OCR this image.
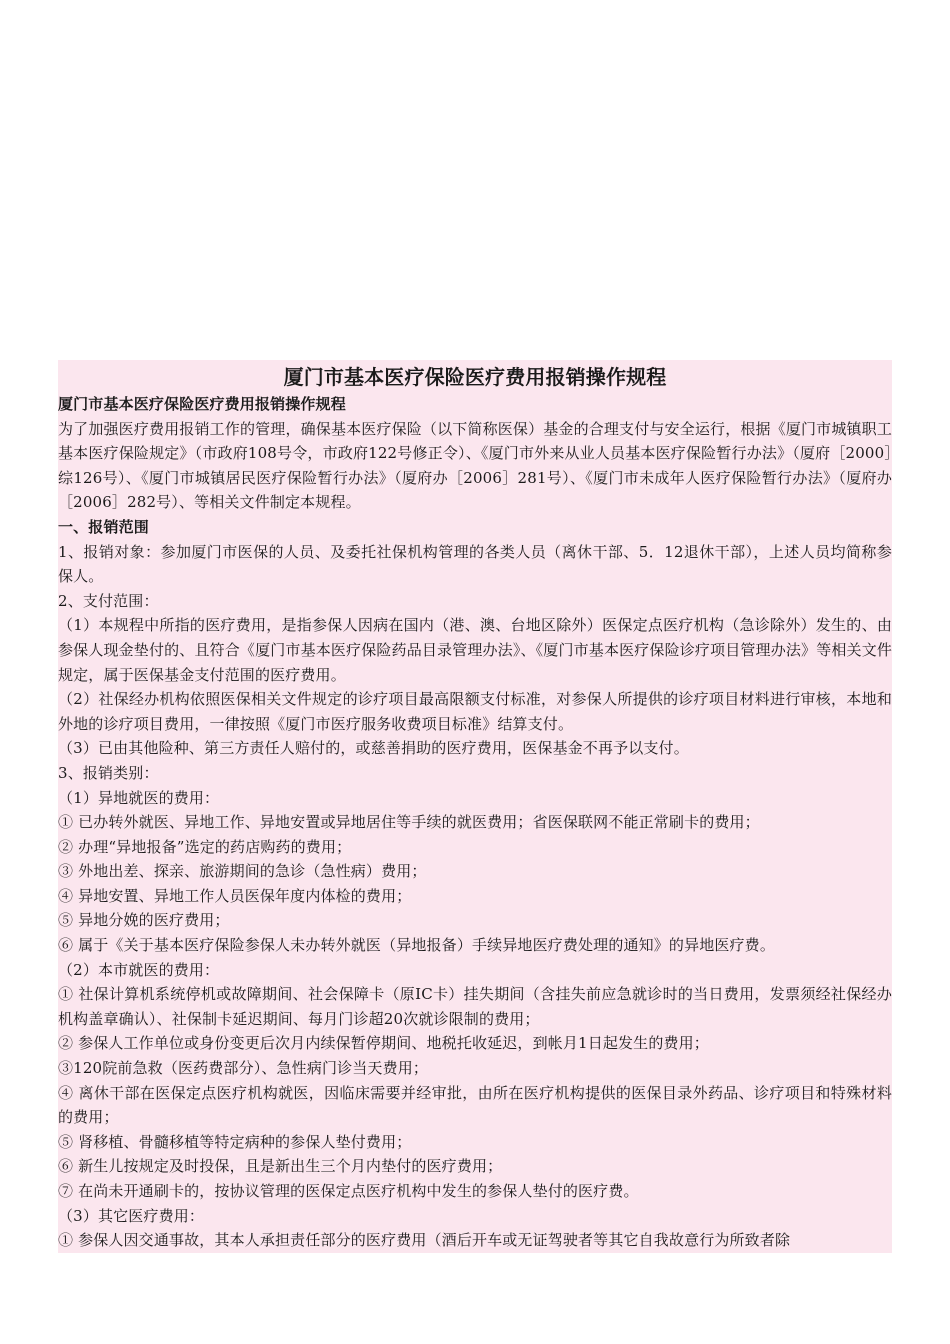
厦门市基本医疗保险医疗费用报销操作规程

厦门市基本医疗保险医疗费用报销操作规程

为了加强医疗费用报销工作的管理，确保基本医疗保险（以下简称医保）基金的合理支付与安全运行，根据《厦门市城镇职工基本医疗保险规定》（市政府108号令，市政府122号修正令）、《厦门市外来从业人员基本医疗保险暂行办法》（厦府［2000］综126号）、《厦门市城镇居民医疗保险暂行办法》（厦府办［2006］281号）、《厦门市未成年人医疗保险暂行办法》（厦府办［2006］282号）、等相关文件制定本规程。

一、报销范围

1、报销对象：参加厦门市医保的人员、及委托社保机构管理的各类人员（离休干部、5．12退休干部），上述人员均简称参保人。

2、支付范围：

（1）本规程中所指的医疗费用，是指参保人因病在国内（港、澳、台地区除外）医保定点医疗机构（急诊除外）发生的、由参保人现金垫付的、且符合《厦门市基本医疗保险药品目录管理办法》、《厦门市基本医疗保险诊疗项目管理办法》等相关文件规定，属于医保基金支付范围的医疗费用。

（2）社保经办机构依照医保相关文件规定的诊疗项目最高限额支付标准，对参保人所提供的诊疗项目材料进行审核，本地和外地的诊疗项目费用，一律按照《厦门市医疗服务收费项目标准》结算支付。

（3）已由其他险种、第三方责任人赔付的，或慈善捐助的医疗费用，医保基金不再予以支付。

3、报销类别：

（1）异地就医的费用：

① 已办转外就医、异地工作、异地安置或异地居住等手续的就医费用；省医保联网不能正常刷卡的费用；

② 办理“异地报备”选定的药店购药的费用；

③ 外地出差、探亲、旅游期间的急诊（急性病）费用；

④ 异地安置、异地工作人员医保年度内体检的费用；

⑤ 异地分娩的医疗费用；

⑥ 属于《关于基本医疗保险参保人未办转外就医（异地报备）手续异地医疗费处理的通知》的异地医疗费。

（2）本市就医的费用：

① 社保计算机系统停机或故障期间、社会保障卡（原IC卡）挂失期间（含挂失前应急就诊时的当日费用，发票须经社保经办机构盖章确认）、社保制卡延迟期间、每月门诊超20次就诊限制的费用；

② 参保人工作单位或身份变更后次月内续保暂停期间、地税托收延迟，到帐月1日起发生的费用；

③120院前急救（医药费部分）、急性病门诊当天费用；

④ 离休干部在医保定点医疗机构就医，因临床需要并经审批，由所在医疗机构提供的医保目录外药品、诊疗项目和特殊材料的费用；

⑤ 肾移植、骨髓移植等特定病种的参保人垫付费用；

⑥ 新生儿按规定及时投保，且是新出生三个月内垫付的医疗费用；

⑦ 在尚未开通刷卡的，按协议管理的医保定点医疗机构中发生的参保人垫付的医疗费。

（3）其它医疗费用：

① 参保人因交通事故，其本人承担责任部分的医疗费用（酒后开车或无证驾驶者等其它自我故意行为所致者除
